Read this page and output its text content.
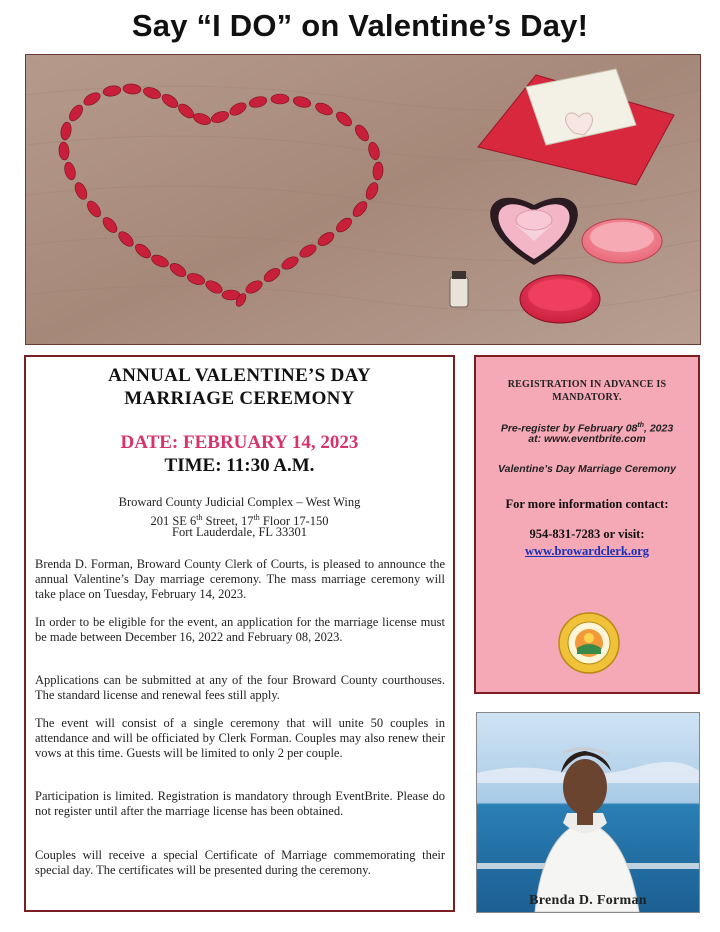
Say “I DO” on Valentine’s Day!
ANNUAL VALENTINE’S DAY
MARRIAGE CEREMONY
DATE: FEBRUARY 14, 2023
TIME: 11:30 A.M.
Broward County Judicial Complex – West Wing
201 SE 6th Street, 17th Floor 17-150
Fort Lauderdale, FL 33301
Brenda D. Forman, Broward County Clerk of Courts, is pleased to announce the annual Valentine’s Day marriage ceremony. The mass marriage ceremony will take place on Tuesday, February 14, 2023.
In order to be eligible for the event, an application for the marriage license must be made between December 16, 2022 and February 08, 2023.
Applications can be submitted at any of the four Broward County courthouses. The standard license and renewal fees still apply.
The event will consist of a single ceremony that will unite 50 couples in attendance and will be officiated by Clerk Forman. Couples may also renew their vows at this time. Guests will be limited to only 2 per couple.
Participation is limited. Registration is mandatory through EventBrite. Please do not register until after the marriage license has been obtained.
Couples will receive a special Certificate of Marriage commemorating their special day. The certificates will be presented during the ceremony.
REGISTRATION IN ADVANCE IS
MANDATORY.
Pre-register by February 08th, 2023
at: www.eventbrite.com
Valentine’s Day Marriage Ceremony
For more information contact:
954-831-7283 or visit:
www.browardclerk.org
Brenda D. Forman
